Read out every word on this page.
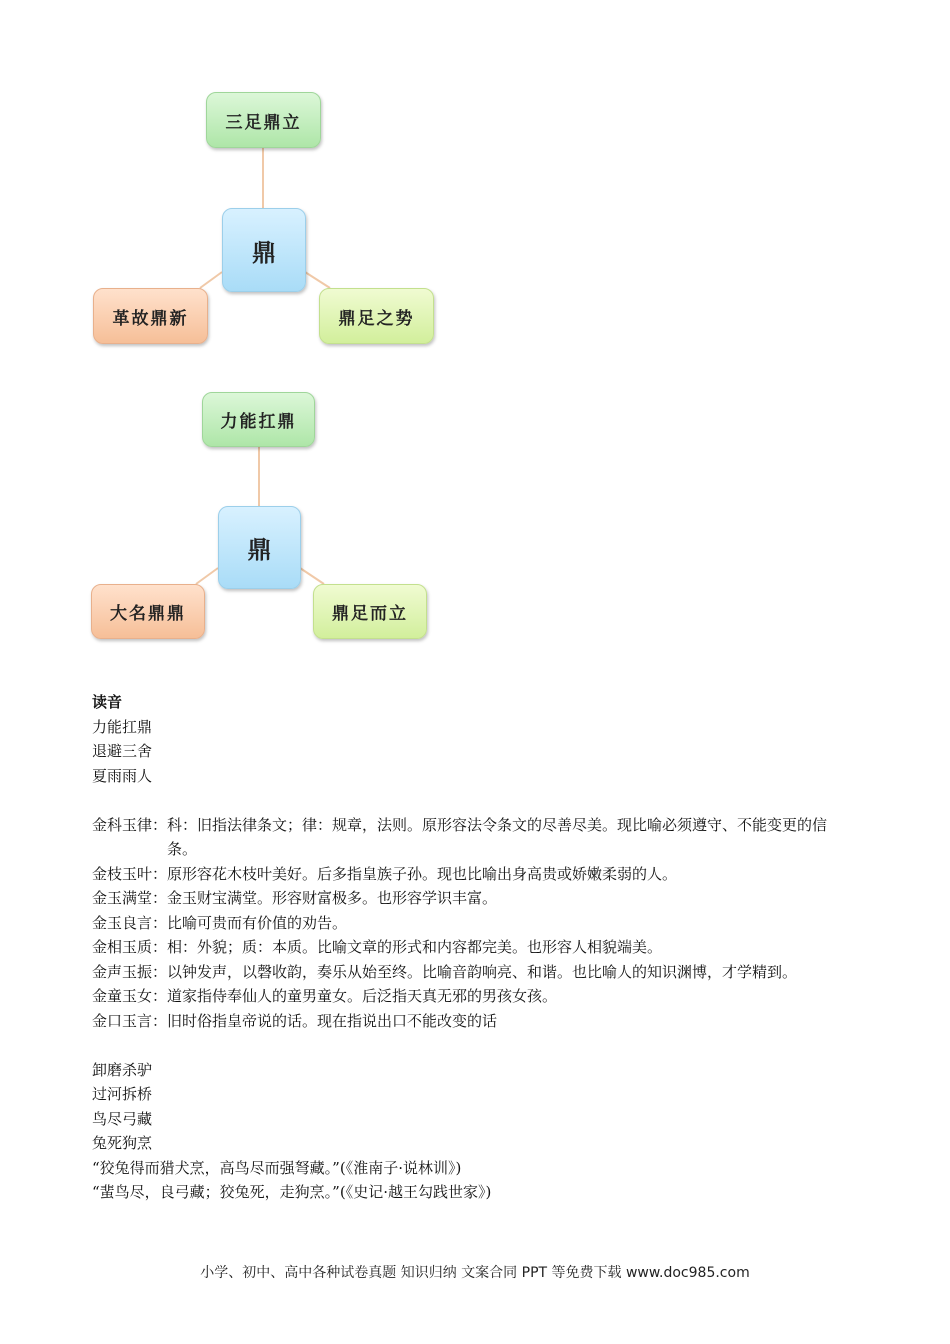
三足鼎立
鼎
革故鼎新	鼎足之势
力能扛鼎
鼎
大名鼎鼎	鼎足而立
读音
力能扛鼎
退避三舍
夏雨雨人
金科玉律： 科：旧指法律条文；律：规章，法则。原形容法令条文的尽善尽美。现比喻必须遵守、不能变更的信条。
金枝玉叶： 原形容花木枝叶美好。后多指皇族子孙。现也比喻出身高贵或娇嫩柔弱的人。
金玉满堂： 金玉财宝满堂。形容财富极多。也形容学识丰富。
金玉良言： 比喻可贵而有价值的劝告。
金相玉质： 相：外貌；质：本质。比喻文章的形式和内容都完美。也形容人相貌端美。
金声玉振：以钟发声，以磬收韵，奏乐从始至终。比喻音韵响亮、和谐。也比喻人的知识渊博，才学精到。
金童玉女： 道家指侍奉仙人的童男童女。后泛指天真无邪的男孩女孩。
金口玉言： 旧时俗指皇帝说的话。现在指说出口不能改变的话
卸磨杀驴
过河拆桥
鸟尽弓藏
兔死狗烹
“狡兔得而猎犬烹，高鸟尽而强弩藏。”(《淮南子·说林训》)
“蜚鸟尽，良弓藏；狡兔死，走狗烹。”(《史记·越王勾践世家》)
小学、初中、高中各种试卷真题 知识归纳 文案合同 PPT 等免费下载 www.doc985.com
